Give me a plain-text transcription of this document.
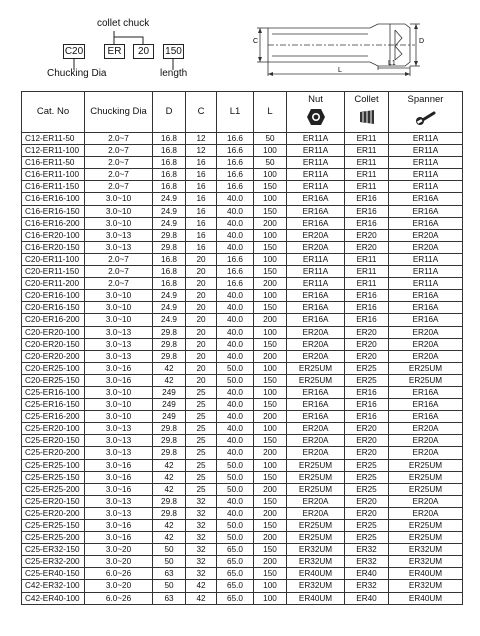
collet chuck
C20	ER	20	150
Chucking Dia	length
C	D
L1
L
Cat. No	Chucking Dia	D	C	L1	L	Nut	Collet	Spanner

C12-ER11-50	2.0~7	16.8	12	16.6	50	ER11A	ER11	ER11A
C12-ER11-100	2.0~7	16.8	12	16.6	100	ER11A	ER11	ER11A
C16-ER11-50	2.0~7	16.8	16	16.6	50	ER11A	ER11	ER11A
C16-ER11-100	2.0~7	16.8	16	16.6	100	ER11A	ER11	ER11A
C16-ER11-150	2.0~7	16.8	16	16.6	150	ER11A	ER11	ER11A
C16-ER16-100	3.0~10	24.9	16	40.0	100	ER16A	ER16	ER16A
C16-ER16-150	3.0~10	24.9	16	40.0	150	ER16A	ER16	ER16A
C16-ER16-200	3.0~10	24.9	16	40.0	200	ER16A	ER16	ER16A
C16-ER20-100	3.0~13	29.8	16	40.0	100	ER20A	ER20	ER20A
C16-ER20-150	3.0~13	29.8	16	40.0	150	ER20A	ER20	ER20A
C20-ER11-100	2.0~7	16.8	20	16.6	100	ER11A	ER11	ER11A
C20-ER11-150	2.0~7	16.8	20	16.6	150	ER11A	ER11	ER11A
C20-ER11-200	2.0~7	16.8	20	16.6	200	ER11A	ER11	ER11A
C20-ER16-100	3.0~10	24.9	20	40.0	100	ER16A	ER16	ER16A
C20-ER16-150	3.0~10	24.9	20	40.0	150	ER16A	ER16	ER16A
C20-ER16-200	3.0~10	24.9	20	40.0	200	ER16A	ER16	ER16A
C20-ER20-100	3.0~13	29.8	20	40.0	100	ER20A	ER20	ER20A
C20-ER20-150	3.0~13	29.8	20	40.0	150	ER20A	ER20	ER20A
C20-ER20-200	3.0~13	29.8	20	40.0	200	ER20A	ER20	ER20A
C20-ER25-100	3.0~16	42	20	50.0	100	ER25UM	ER25	ER25UM
C20-ER25-150	3.0~16	42	20	50.0	150	ER25UM	ER25	ER25UM
C25-ER16-100	3.0~10	249	25	40.0	100	ER16A	ER16	ER16A
C25-ER16-150	3.0~10	249	25	40.0	150	ER16A	ER16	ER16A
C25-ER16-200	3.0~10	249	25	40.0	200	ER16A	ER16	ER16A
C25-ER20-100	3.0~13	29.8	25	40.0	100	ER20A	ER20	ER20A
C25-ER20-150	3.0~13	29.8	25	40.0	150	ER20A	ER20	ER20A
C25-ER20-200	3.0~13	29.8	25	40.0	200	ER20A	ER20	ER20A
C25-ER25-100	3.0~16	42	25	50.0	100	ER25UM	ER25	ER25UM
C25-ER25-150	3.0~16	42	25	50.0	150	ER25UM	ER25	ER25UM
C25-ER25-200	3.0~16	42	25	50.0	200	ER25UM	ER25	ER25UM
C25-ER20-150	3.0~13	29.8	32	40.0	150	ER20A	ER20	ER20A
C25-ER20-200	3.0~13	29.8	32	40.0	200	ER20A	ER20	ER20A
C25-ER25-150	3.0~16	42	32	50.0	150	ER25UM	ER25	ER25UM
C25-ER25-200	3.0~16	42	32	50.0	200	ER25UM	ER25	ER25UM
C25-ER32-150	3.0~20	50	32	65.0	150	ER32UM	ER32	ER32UM
C25-ER32-200	3.0~20	50	32	65.0	200	ER32UM	ER32	ER32UM
C25-ER40-150	6.0~26	63	32	65.0	150	ER40UM	ER40	ER40UM
C42-ER32-100	3.0~20	50	42	65.0	100	ER32UM	ER32	ER32UM
C42-ER40-100	6.0~26	63	42	65.0	100	ER40UM	ER40	ER40UM
